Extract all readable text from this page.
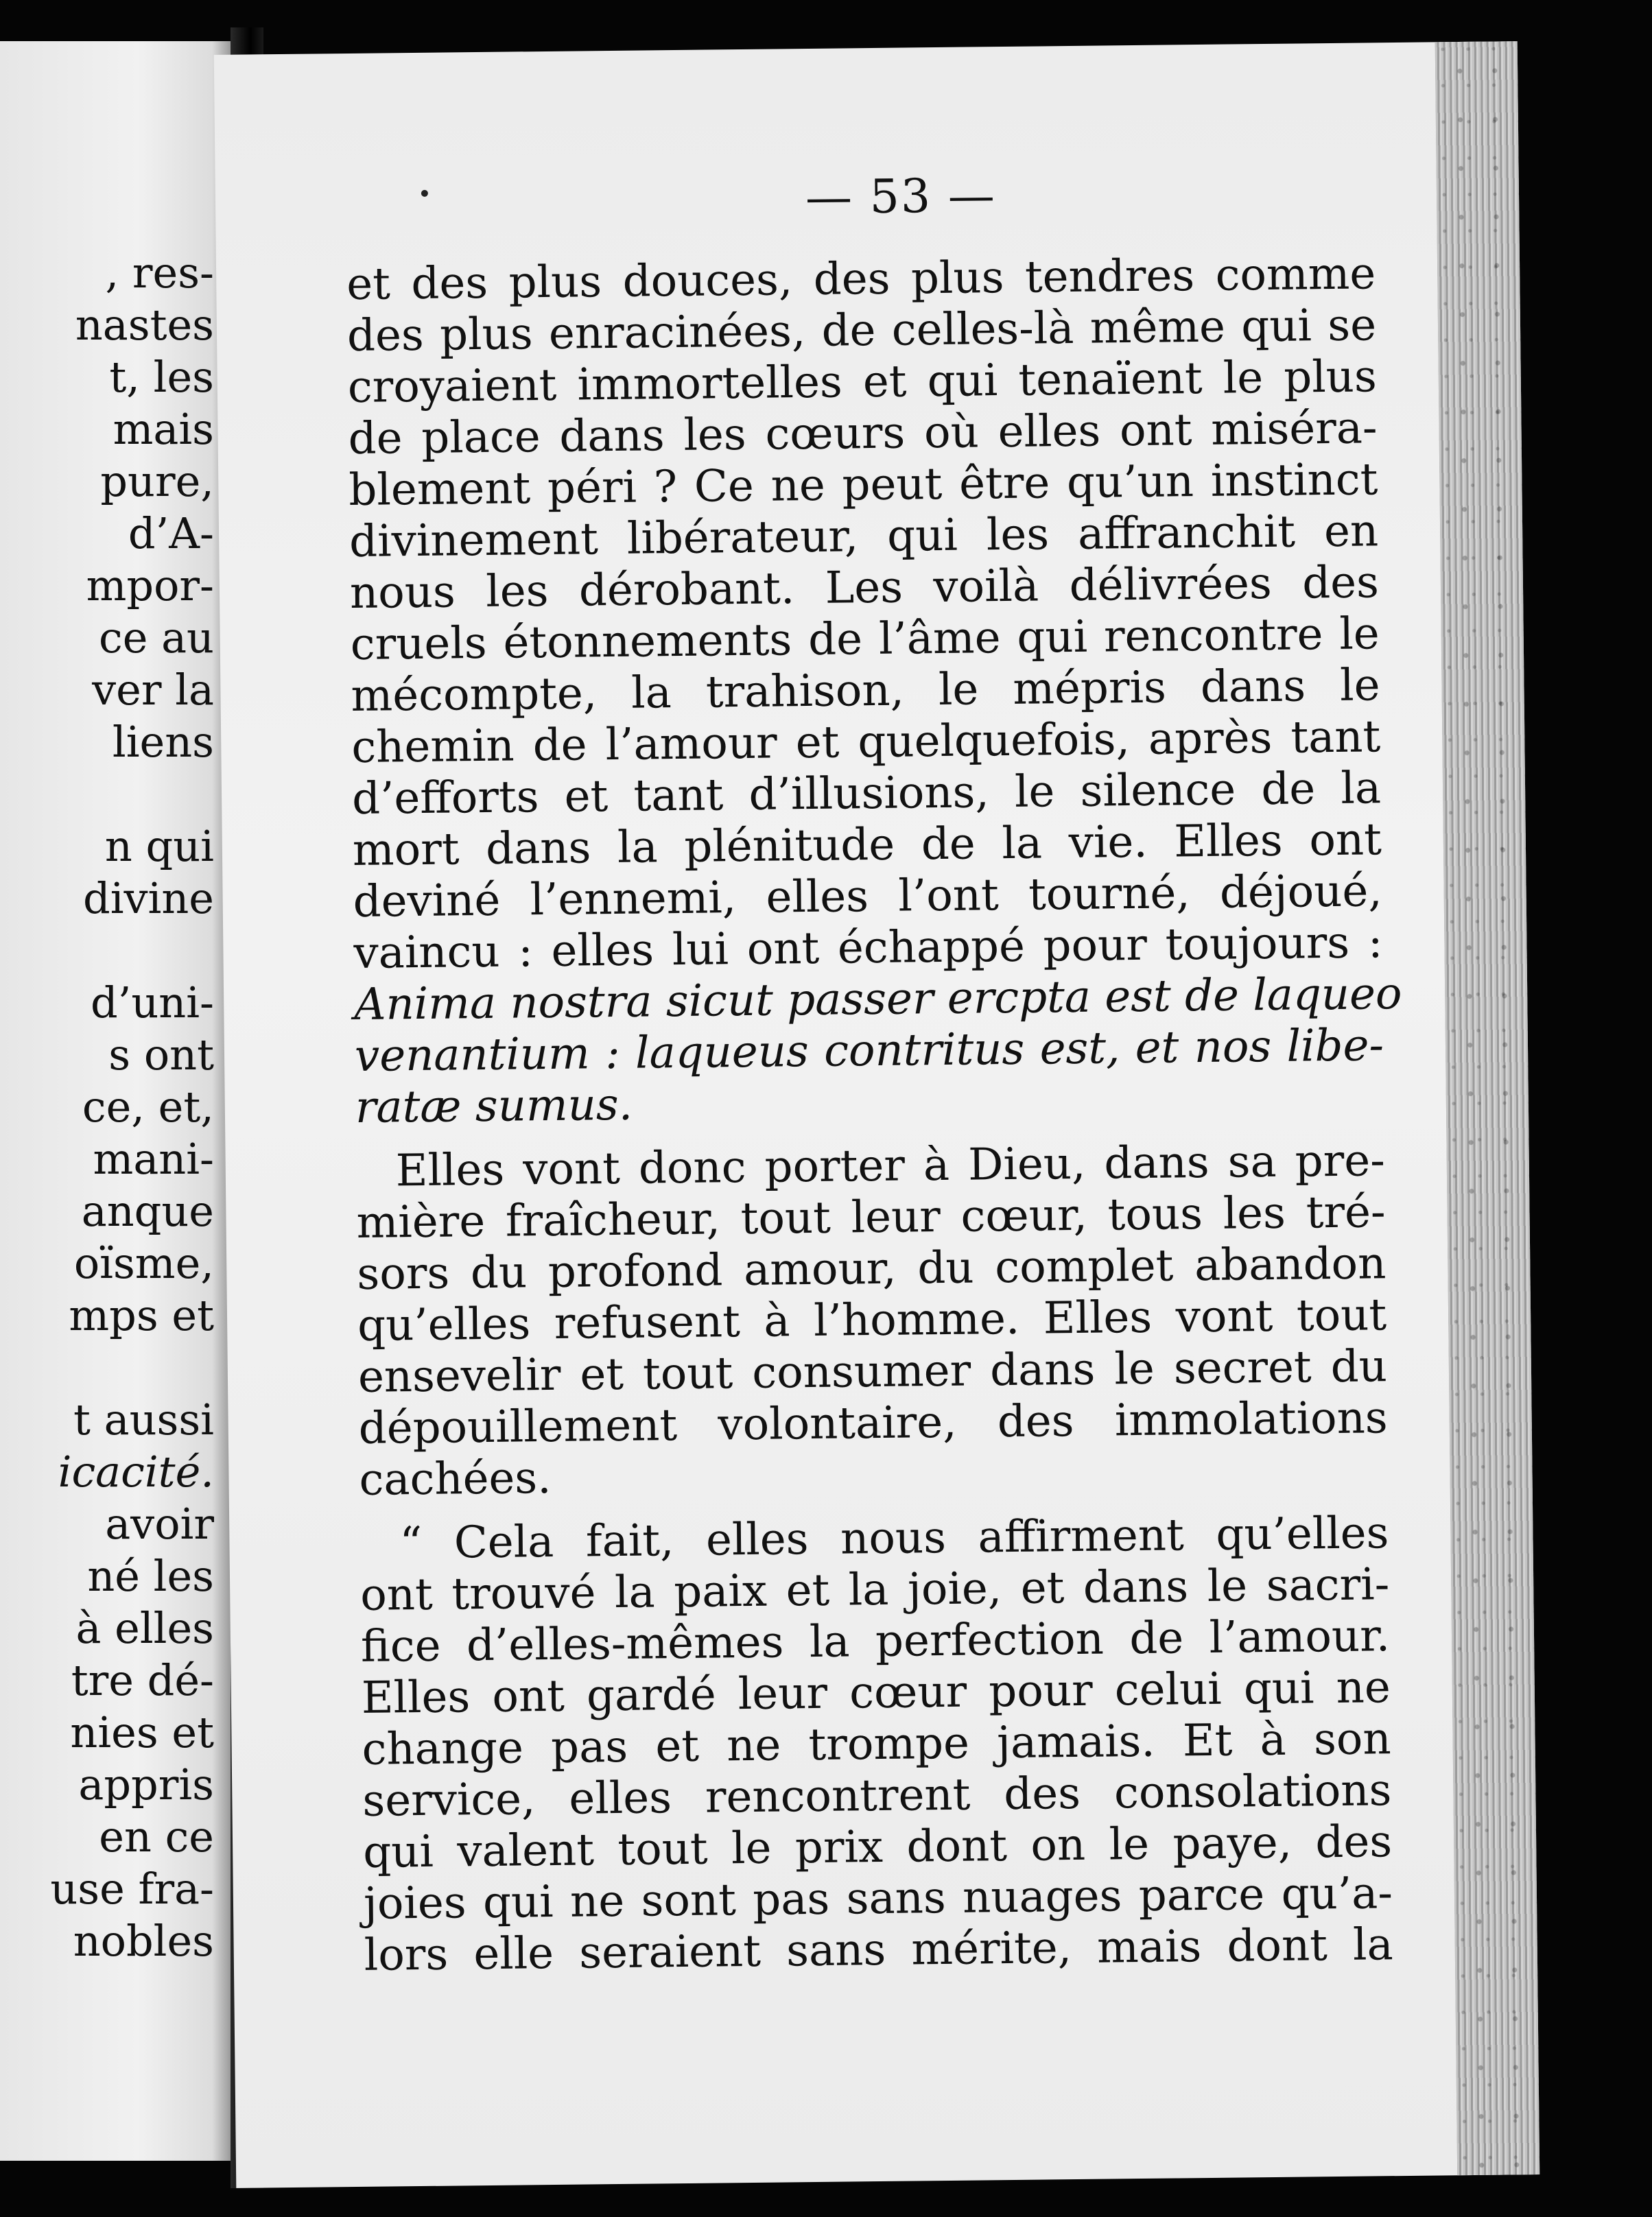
, res-
nastes
t, les
mais
pure,
d’A-
mpor-
ce au
ver la
liens
n qui
divine
d’uni-
s ont
ce, et,
mani-
anque
oïsme,
mps et
t aussi
icacité.
avoir
né les
à elles
tre dé-
nies et
appris
en ce
use fra-
nobles
— 53 —
et des plus douces, des plus tendres comme
des plus enracinées, de celles-là même qui se
croyaient immortelles et qui tenaïent le plus
de place dans les cœurs où elles ont miséra-
blement péri ? Ce ne peut être qu’un instinct
divinement libérateur, qui les affranchit en
nous les dérobant. Les voilà délivrées des
cruels étonnements de l’âme qui rencontre le
mécompte, la trahison, le mépris dans le
chemin de l’amour et quelquefois, après tant
d’efforts et tant d’illusions, le silence de la
mort dans la plénitude de la vie. Elles ont
deviné l’ennemi, elles l’ont tourné, déjoué,
vaincu : elles lui ont échappé pour toujours :
Anima nostra sicut passer ercpta est de laqueo
venantium : laqueus contritus est, et nos libe-
ratæ sumus.
Elles vont donc porter à Dieu, dans sa pre-
mière fraîcheur, tout leur cœur, tous les tré-
sors du profond amour, du complet abandon
qu’elles refusent à l’homme. Elles vont tout
ensevelir et tout consumer dans le secret du
dépouillement volontaire, des immolations
cachées.
“ Cela fait, elles nous affirment qu’elles
ont trouvé la paix et la joie, et dans le sacri-
fice d’elles-mêmes la perfection de l’amour.
Elles ont gardé leur cœur pour celui qui ne
change pas et ne trompe jamais. Et à son
service, elles rencontrent des consolations
qui valent tout le prix dont on le paye, des
joies qui ne sont pas sans nuages parce qu’a-
lors elle seraient sans mérite, mais dont la
